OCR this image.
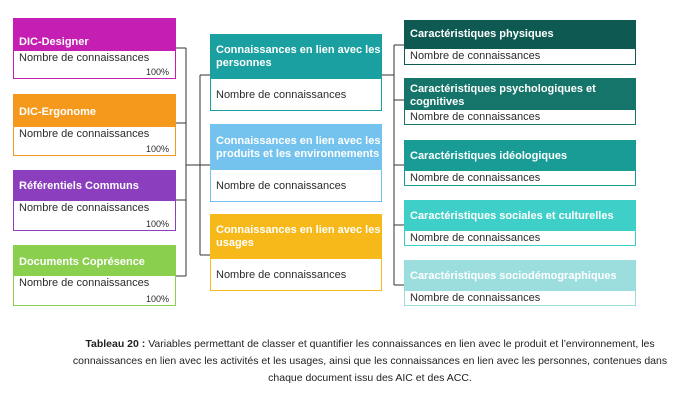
DIC-Designer
Nombre de connaissances
100%
DIC-Ergonome
Nombre de connaissances
100%
Référentiels Communs
Nombre de connaissances
100%
Documents Coprésence
Nombre de connaissances
100%
Connaissances en lien avec les personnes
Nombre de connaissances
Connaissances en lien avec les produits et les environnements
Nombre de connaissances
Connaissances en lien avec les usages
Nombre de connaissances
Caractéristiques physiques
Nombre de connaissances
Caractéristiques psychologiques et cognitives
Nombre de connaissances
Caractéristiques idéologiques
Nombre de connaissances
Caractéristiques sociales et culturelles
Nombre de connaissances
Caractéristiques sociodémographiques
Nombre de connaissances
Tableau 20 : Variables permettant de classer et quantifier les connaissances en lien avec le produit et l’environnement, les connaissances en lien avec les activités et les usages, ainsi que les connaissances en lien avec les personnes, contenues dans chaque document issu des AIC et des ACC.
